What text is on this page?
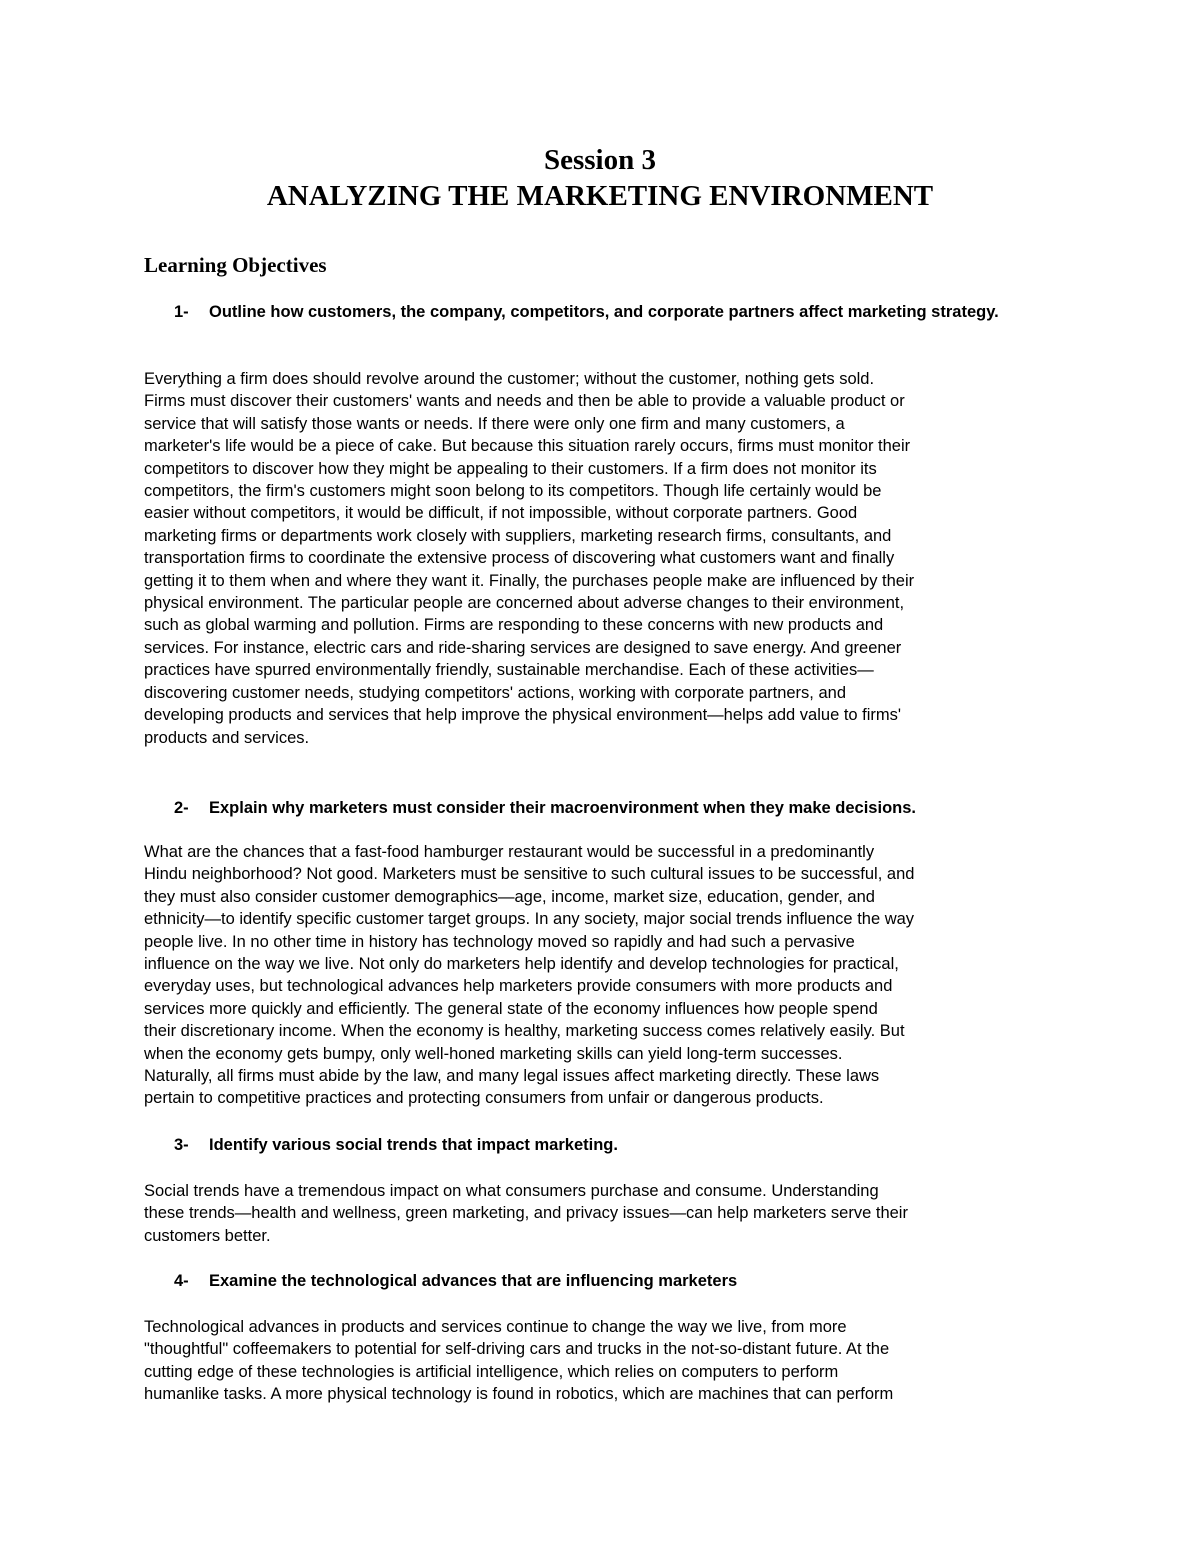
Session 3
ANALYZING THE MARKETING ENVIRONMENT
Learning Objectives
1- Outline how customers, the company, competitors, and corporate partners affect marketing strategy.
Everything a firm does should revolve around the customer; without the customer, nothing gets sold.
Firms must discover their customers' wants and needs and then be able to provide a valuable product or
service that will satisfy those wants or needs. If there were only one firm and many customers, a
marketer's life would be a piece of cake. But because this situation rarely occurs, firms must monitor their
competitors to discover how they might be appealing to their customers. If a firm does not monitor its
competitors, the firm's customers might soon belong to its competitors. Though life certainly would be
easier without competitors, it would be difficult, if not impossible, without corporate partners. Good
marketing firms or departments work closely with suppliers, marketing research firms, consultants, and
transportation firms to coordinate the extensive process of discovering what customers want and finally
getting it to them when and where they want it. Finally, the purchases people make are influenced by their
physical environment. The particular people are concerned about adverse changes to their environment,
such as global warming and pollution. Firms are responding to these concerns with new products and
services. For instance, electric cars and ride-sharing services are designed to save energy. And greener
practices have spurred environmentally friendly, sustainable merchandise. Each of these activities—
discovering customer needs, studying competitors' actions, working with corporate partners, and
developing products and services that help improve the physical environment—helps add value to firms'
products and services.
2- Explain why marketers must consider their macroenvironment when they make decisions.
What are the chances that a fast-food hamburger restaurant would be successful in a predominantly
Hindu neighborhood? Not good. Marketers must be sensitive to such cultural issues to be successful, and
they must also consider customer demographics—age, income, market size, education, gender, and
ethnicity—to identify specific customer target groups. In any society, major social trends influence the way
people live. In no other time in history has technology moved so rapidly and had such a pervasive
influence on the way we live. Not only do marketers help identify and develop technologies for practical,
everyday uses, but technological advances help marketers provide consumers with more products and
services more quickly and efficiently. The general state of the economy influences how people spend
their discretionary income. When the economy is healthy, marketing success comes relatively easily. But
when the economy gets bumpy, only well-honed marketing skills can yield long-term successes.
Naturally, all firms must abide by the law, and many legal issues affect marketing directly. These laws
pertain to competitive practices and protecting consumers from unfair or dangerous products.
3- Identify various social trends that impact marketing.
Social trends have a tremendous impact on what consumers purchase and consume. Understanding
these trends—health and wellness, green marketing, and privacy issues—can help marketers serve their
customers better.
4- Examine the technological advances that are influencing marketers
Technological advances in products and services continue to change the way we live, from more
"thoughtful" coffeemakers to potential for self-driving cars and trucks in the not-so-distant future. At the
cutting edge of these technologies is artificial intelligence, which relies on computers to perform
humanlike tasks. A more physical technology is found in robotics, which are machines that can perform
